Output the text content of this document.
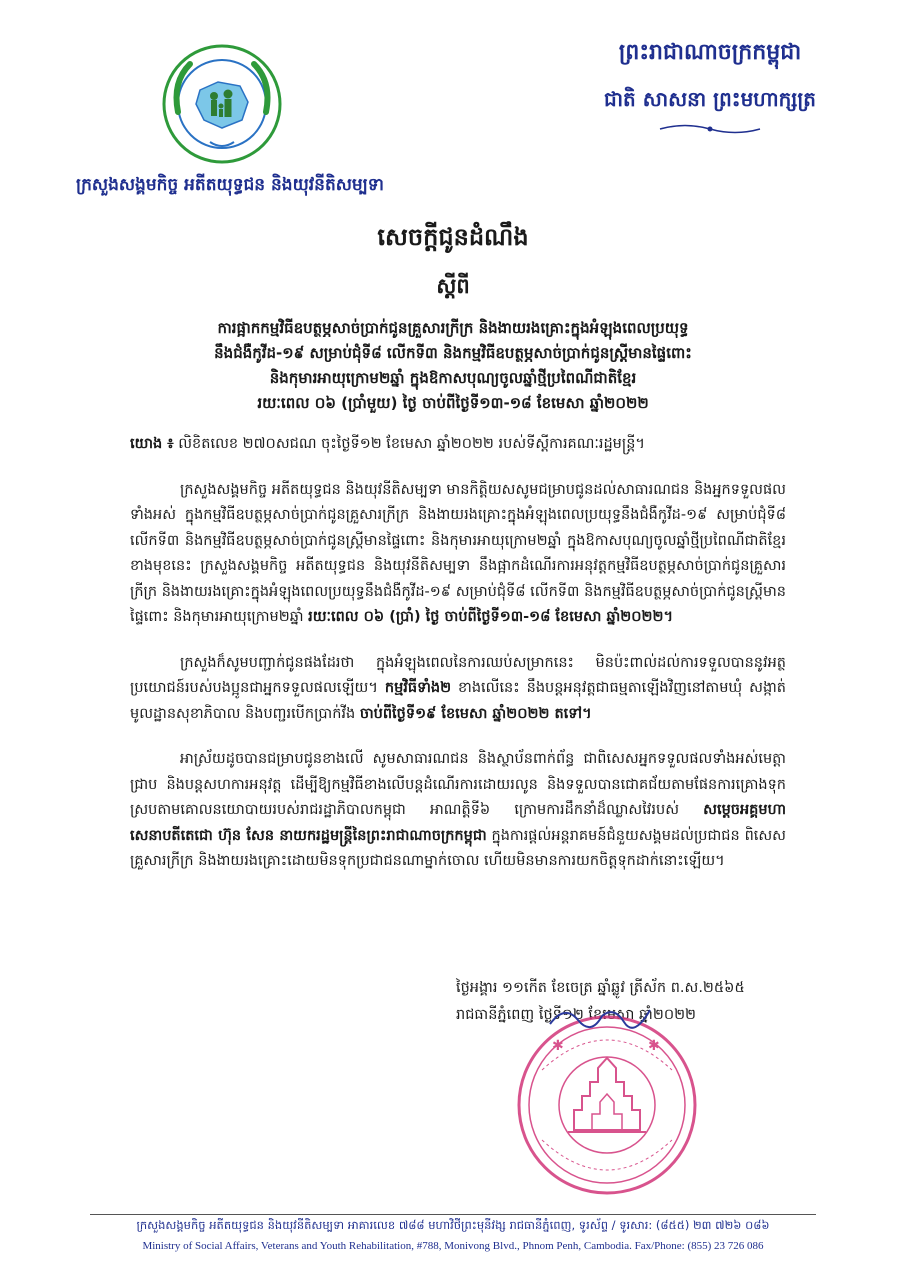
ក្រសួងសង្គមកិច្ច អតីតយុទ្ធជន និងយុវនីតិសម្បទា
ព្រះរាជាណាចក្រកម្ពុជា
ជាតិ សាសនា ព្រះមហាក្សត្រ
សេចក្តីជូនដំណឹង
ស្តីពី
ការផ្អាកកម្មវិធីឧបត្ថម្ភសាច់ប្រាក់ជូនគ្រួសារក្រីក្រ និងងាយរងគ្រោះក្នុងអំឡុងពេលប្រយុទ្ធ
នឹងជំងឺកូវីដ-១៩ សម្រាប់ជុំទី៨ លើកទី៣ និងកម្មវិធីឧបត្ថម្ភសាច់ប្រាក់ជូនស្ត្រីមានផ្ទៃពោះ
និងកុមារអាយុក្រោម២ឆ្នាំ ក្នុងឱកាសបុណ្យចូលឆ្នាំថ្មីប្រពៃណីជាតិខ្មែរ
រយៈពេល ០៦ (ប្រាំមួយ) ថ្ងៃ ចាប់ពីថ្ងៃទី១៣-១៨ ខែមេសា ឆ្នាំ២០២២

យោង ៖ លិខិតលេខ ២៧០សជណ ចុះថ្ងៃទី១២ ខែមេសា ឆ្នាំ២០២២ របស់ទីស្តីការគណៈរដ្ឋមន្ត្រី។

ក្រសួងសង្គមកិច្ច អតីតយុទ្ធជន និងយុវនីតិសម្បទា មានកិត្តិយសសូមជម្រាបជូនដល់សាធារណជន និងអ្នកទទួលផលទាំងអស់ ក្នុងកម្មវិធីឧបត្ថម្ភសាច់ប្រាក់ជូនគ្រួសារក្រីក្រ និងងាយរងគ្រោះក្នុងអំឡុងពេលប្រយុទ្ធនឹងជំងឺកូវីដ-១៩ សម្រាប់ជុំទី៨ លើកទី៣ និងកម្មវិធីឧបត្ថម្ភសាច់ប្រាក់ជូនស្ត្រីមានផ្ទៃពោះ និងកុមារអាយុក្រោម២ឆ្នាំ ក្នុងឱកាសបុណ្យចូលឆ្នាំថ្មីប្រពៃណីជាតិខ្មែរ ខាងមុខនេះ ក្រសួងសង្គមកិច្ច អតីតយុទ្ធជន និងយុវនីតិសម្បទា នឹងផ្អាកដំណើរការអនុវត្តកម្មវិធីឧបត្ថម្ភសាច់ប្រាក់ជូនគ្រួសារក្រីក្រ និងងាយរងគ្រោះក្នុងអំឡុងពេលប្រយុទ្ធនឹងជំងឺកូវីដ-១៩ សម្រាប់ជុំទី៨ លើកទី៣ និងកម្មវិធីឧបត្ថម្ភសាច់ប្រាក់ជូនស្ត្រីមានផ្ទៃពោះ និងកុមារអាយុក្រោម២ឆ្នាំ រយៈពេល ០៦ (ប្រាំ) ថ្ងៃ ចាប់ពីថ្ងៃទី១៣-១៨ ខែមេសា ឆ្នាំ២០២២។

ក្រសួងក៏សូមបញ្ជាក់ជូនផងដែរថា ក្នុងអំឡុងពេលនៃការឈប់សម្រាកនេះ មិនប៉ះពាល់ដល់ការទទួលបាននូវអត្ថប្រយោជន៍របស់បងប្អូនជាអ្នកទទួលផលឡើយ។ កម្មវិធីទាំង២ ខាងលើនេះ នឹងបន្តអនុវត្តជាធម្មតាឡើងវិញនៅតាមឃុំ សង្កាត់ មូលដ្ឋានសុខាភិបាល និងបញ្ជរបើកប្រាក់វីង ចាប់ពីថ្ងៃទី១៩ ខែមេសា ឆ្នាំ២០២២ តទៅ។

អាស្រ័យដូចបានជម្រាបជូនខាងលើ សូមសាធារណជន និងស្ថាប័នពាក់ព័ន្ធ ជាពិសេសអ្នកទទួលផលទាំងអស់មេត្តាជ្រាប និងបន្តសហការអនុវត្ត ដើម្បីឱ្យកម្មវិធីខាងលើបន្តដំណើរការដោយរលូន និងទទួលបានជោគជ័យតាមផែនការគ្រោងទុក ស្របតាមគោលនយោបាយរបស់រាជរដ្ឋាភិបាលកម្ពុជា អាណត្តិទី៦ ក្រោមការដឹកនាំដ៏ឈ្លាសវៃរបស់ សម្តេចអគ្គមហាសេនាបតីតេជោ ហ៊ុន សែន នាយករដ្ឋមន្ត្រីនៃព្រះរាជាណាចក្រកម្ពុជា ក្នុងការផ្តល់អន្តរាគមន៍ជំនួយសង្គមដល់ប្រជាជន ពិសេសគ្រួសារក្រីក្រ និងងាយរងគ្រោះដោយមិនទុកប្រជាជនណាម្នាក់ចោល ហើយមិនមានការយកចិត្តទុកដាក់នោះឡើយ។

ថ្ងៃអង្គារ ១១កើត ខែចេត្រ ឆ្នាំឆ្លូវ ត្រីស័ក ព.ស.២៥៦៥
រាជធានីភ្នំពេញ ថ្ងៃទី១២ ខែមេសា ឆ្នាំ២០២២
✱	✱
ក្រសួងសង្គមកិច្ច អតីតយុទ្ធជន និងយុវនីតិសម្បទា អាគារលេខ ៧៨៨ មហាវិថីព្រះមុនីវង្ស រាជធានីភ្នំពេញ, ទូរស័ព្ទ / ទូរសារ: (៨៥៥) ២៣ ៧២៦ ០៨៦
Ministry of Social Affairs, Veterans and Youth Rehabilitation, #788, Monivong Blvd., Phnom Penh, Cambodia. Fax/Phone: (855) 23 726 086
